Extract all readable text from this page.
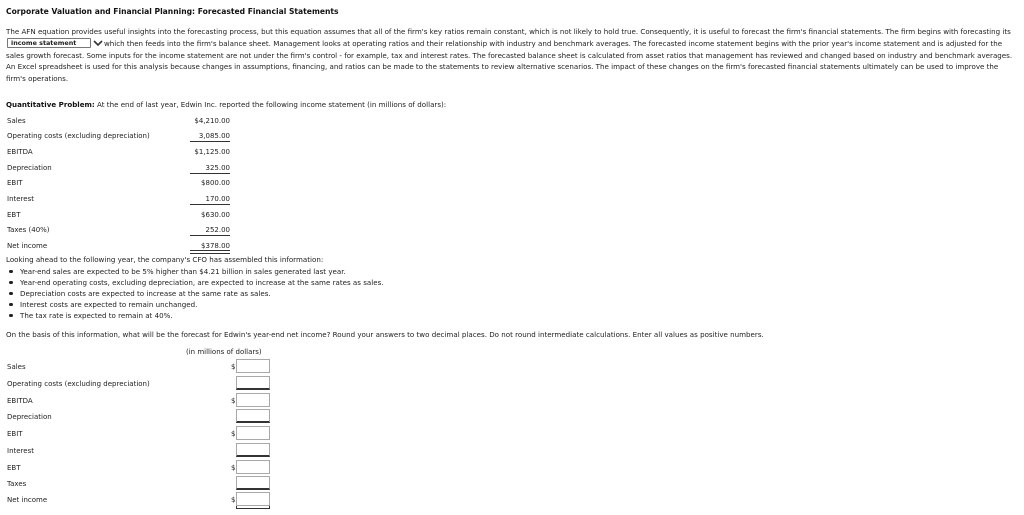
Corporate Valuation and Financial Planning: Forecasted Financial Statements
The AFN equation provides useful insights into the forecasting process, but this equation assumes that all of the firm's key ratios remain constant, which is not likely to hold true. Consequently, it is useful to forecast the firm's financial statements. The firm begins with forecasting its
income statement	which then feeds into the firm's balance sheet. Management looks at operating ratios and their relationship with industry and benchmark averages. The forecasted income statement begins with the prior year's income statement and is adjusted for the sales growth forecast. Some inputs for the income statement are not under the firm's control - for example, tax and interest rates. The forecasted balance sheet is calculated from asset ratios that management has reviewed and changed based on industry and benchmark averages. An Excel spreadsheet is used for this analysis because changes in assumptions, financing, and ratios can be made to the statements to review alternative scenarios. The impact of these changes on the firm's forecasted financial statements ultimately can be used to improve the firm's operations.
Quantitative Problem: At the end of last year, Edwin Inc. reported the following income statement (in millions of dollars):
Sales	$4,210.00
Operating costs (excluding depreciation)	3,085.00
EBITDA	$1,125.00
Depreciation	325.00
EBIT	$800.00
Interest	170.00
EBT	$630.00
Taxes (40%)	252.00
Net income	$378.00
Looking ahead to the following year, the company's CFO has assembled this information:
Year-end sales are expected to be 5% higher than $4.21 billion in sales generated last year.
Year-end operating costs, excluding depreciation, are expected to increase at the same rates as sales.
Depreciation costs are expected to increase at the same rate as sales.
Interest costs are expected to remain unchanged.
The tax rate is expected to remain at 40%.
On the basis of this information, what will be the forecast for Edwin's year-end net income? Round your answers to two decimal places. Do not round intermediate calculations. Enter all values as positive numbers.
(in millions of dollars)
Sales	$
Operating costs (excluding depreciation)
EBITDA	$
Depreciation
EBIT	$
Interest
EBT	$
Taxes
Net income	$
